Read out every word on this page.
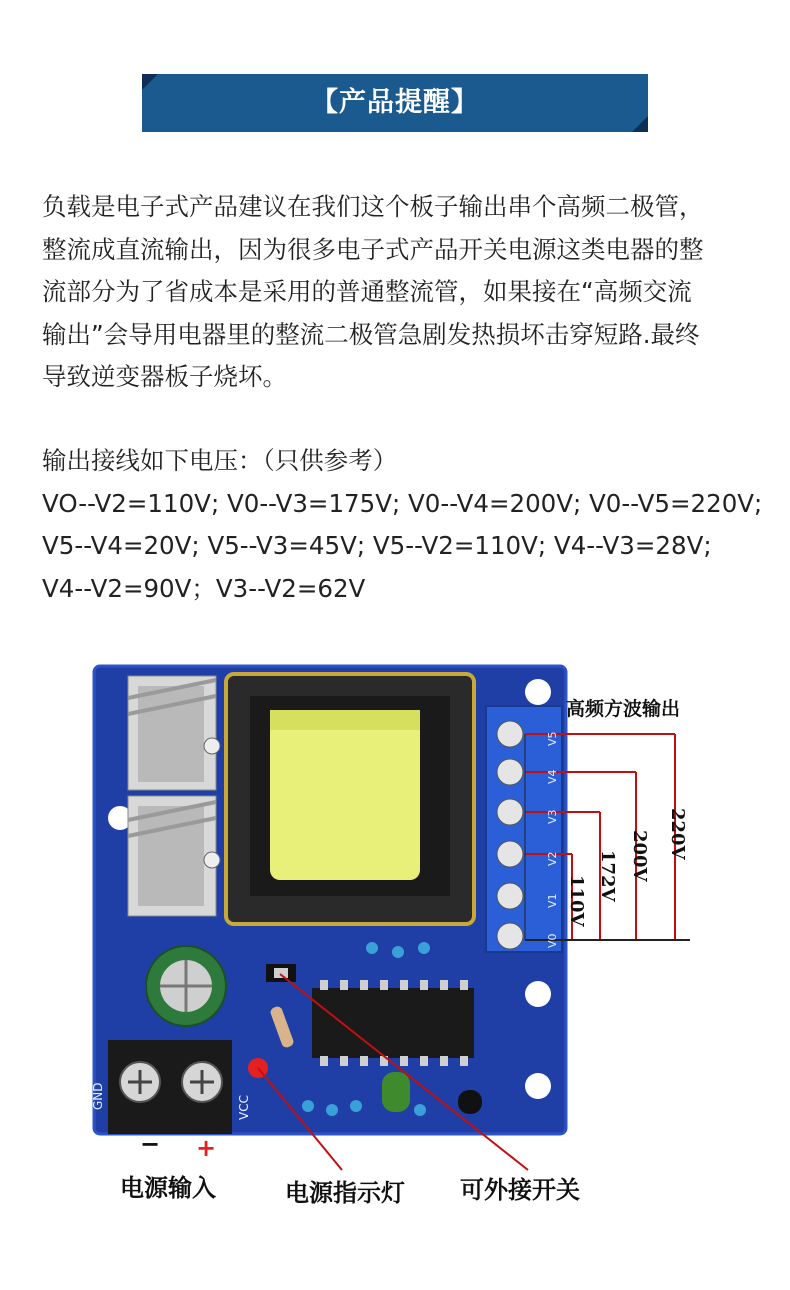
【产品提醒】

负载是电子式产品建议在我们这个板子输出串个高频二极管，
整流成直流输出，因为很多电子式产品开关电源这类电器的整
流部分为了省成本是采用的普通整流管，如果接在“高频交流
输出”会导用电器里的整流二极管急剧发热损坏击穿短路.最终
导致逆变器板子烧坏。

输出接线如下电压：（只供参考）
VO--V2=110V; V0--V3=175V; V0--V4=200V; V0--V5=220V;
V5--V4=20V; V5--V3=45V; V5--V2=110V; V4--V3=28V;
V4--V2=90V；V3--V2=62V

− +
GND	VCC
V5
V4
V3
V2
V1
V0
110V 172V 200V 220V
高频方波输出
电源输入	电源指示灯 可外接开关
